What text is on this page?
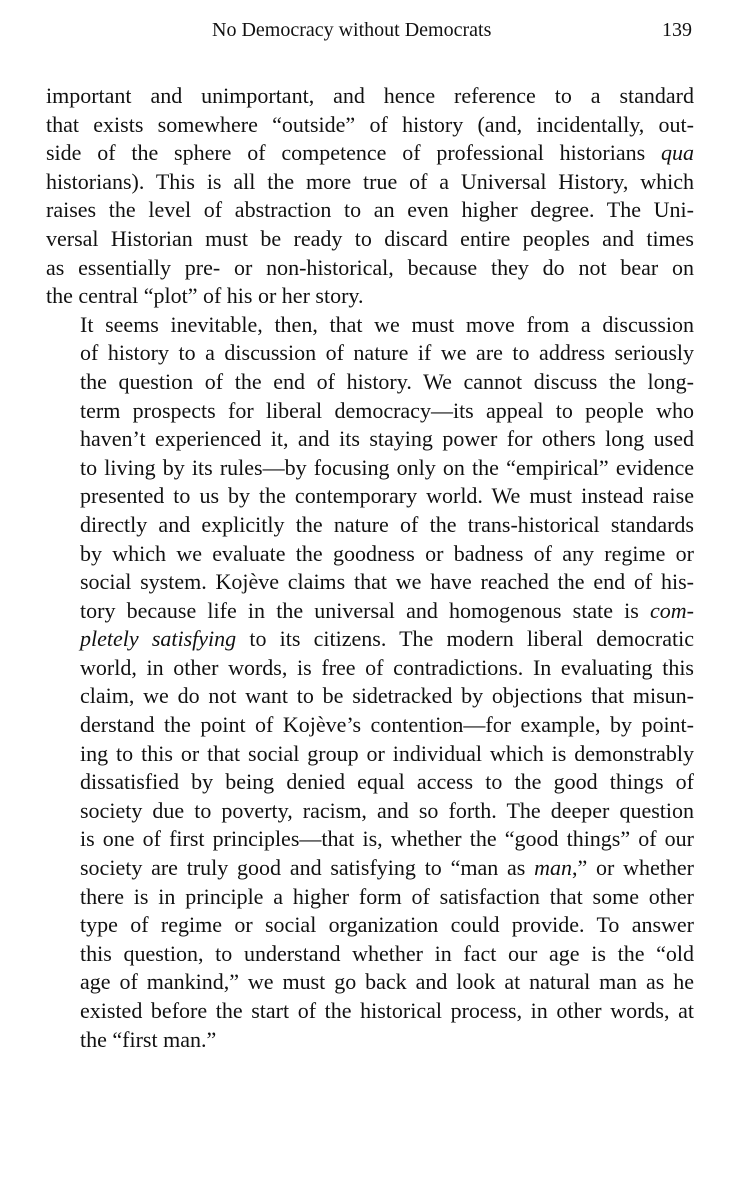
No Democracy without Democrats	139

important and unimportant, and hence reference to a standard
that exists somewhere “outside” of history (and, incidentally, out-
side of the sphere of competence of professional historians qua
historians). This is all the more true of a Universal History, which
raises the level of abstraction to an even higher degree. The Uni-
versal Historian must be ready to discard entire peoples and times
as essentially pre- or non-historical, because they do not bear on
the central “plot” of his or her story.

It seems inevitable, then, that we must move from a discussion
of history to a discussion of nature if we are to address seriously
the question of the end of history. We cannot discuss the long-
term prospects for liberal democracy—its appeal to people who
haven’t experienced it, and its staying power for others long used
to living by its rules—by focusing only on the “empirical” evidence
presented to us by the contemporary world. We must instead raise
directly and explicitly the nature of the trans-historical standards
by which we evaluate the goodness or badness of any regime or
social system. Kojève claims that we have reached the end of his-
tory because life in the universal and homogenous state is com-
pletely satisfying to its citizens. The modern liberal democratic
world, in other words, is free of contradictions. In evaluating this
claim, we do not want to be sidetracked by objections that misun-
derstand the point of Kojève’s contention—for example, by point-
ing to this or that social group or individual which is demonstrably
dissatisfied by being denied equal access to the good things of
society due to poverty, racism, and so forth. The deeper question
is one of first principles—that is, whether the “good things” of our
society are truly good and satisfying to “man as man,” or whether
there is in principle a higher form of satisfaction that some other
type of regime or social organization could provide. To answer
this question, to understand whether in fact our age is the “old
age of mankind,” we must go back and look at natural man as he
existed before the start of the historical process, in other words, at
the “first man.”
